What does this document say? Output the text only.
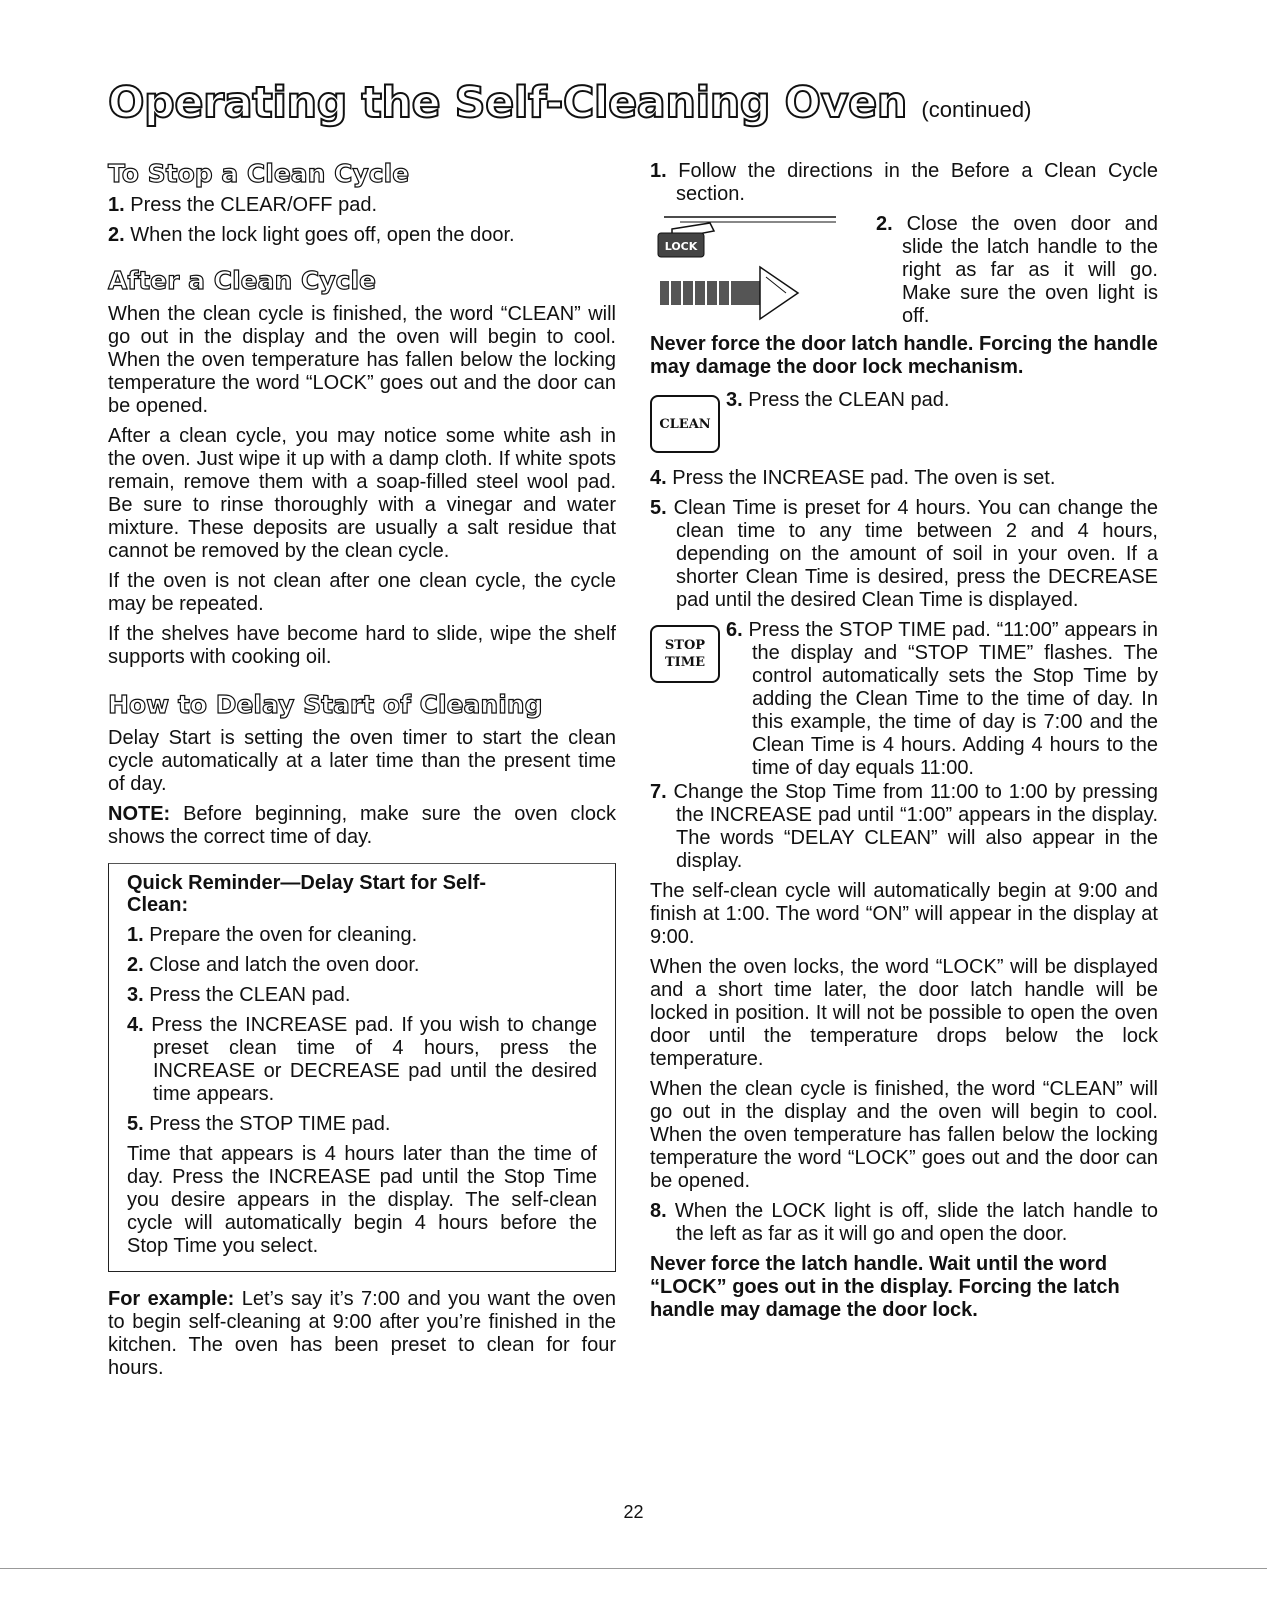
Operating the Self-Cleaning Oven (continued)
To Stop a Clean Cycle

1. Press the CLEAR/OFF pad.

2. When the lock light goes off, open the door.

After a Clean Cycle

When the clean cycle is finished, the word “CLEAN” will go out in the display and the oven will begin to cool. When the oven temperature has fallen below the locking temperature the word “LOCK” goes out and the door can be opened.

After a clean cycle, you may notice some white ash in the oven. Just wipe it up with a damp cloth. If white spots remain, remove them with a soap-filled steel wool pad. Be sure to rinse thoroughly with a vinegar and water mixture. These deposits are usually a salt residue that cannot be removed by the clean cycle.

If the oven is not clean after one clean cycle, the cycle may be repeated.

If the shelves have become hard to slide, wipe the shelf supports with cooking oil.

How to Delay Start of Cleaning

Delay Start is setting the oven timer to start the clean cycle automatically at a later time than the present time of day.

NOTE: Before beginning, make sure the oven clock shows the correct time of day.

Quick Reminder—Delay Start for Self-Clean:

1. Prepare the oven for cleaning.

2. Close and latch the oven door.

3. Press the CLEAN pad.

4. Press the INCREASE pad. If you wish to change preset clean time of 4 hours, press the INCREASE or DECREASE pad until the desired time appears.

5. Press the STOP TIME pad.

Time that appears is 4 hours later than the time of day. Press the INCREASE pad until the Stop Time you desire appears in the display. The self-clean cycle will automatically begin 4 hours before the Stop Time you select.

For example: Let’s say it’s 7:00 and you want the oven to begin self-cleaning at 9:00 after you’re finished in the kitchen. The oven has been preset to clean for four hours.

1. Follow the directions in the Before a Clean Cycle section.

LOCK

2. Close the oven door and slide the latch handle to the right as far as it will go. Make sure the oven light is off.

Never force the door latch handle. Forcing the handle may damage the door lock mechanism.

CLEAN

3. Press the CLEAN pad.

4. Press the INCREASE pad. The oven is set.

5. Clean Time is preset for 4 hours. You can change the clean time to any time between 2 and 4 hours, depending on the amount of soil in your oven. If a shorter Clean Time is desired, press the DECREASE pad until the desired Clean Time is displayed.

STOP
TIME

6. Press the STOP TIME pad. “11:00” appears in the display and “STOP TIME” flashes. The control automatically sets the Stop Time by adding the Clean Time to the time of day. In this example, the time of day is 7:00 and the Clean Time is 4 hours. Adding 4 hours to the time of day equals 11:00.

7. Change the Stop Time from 11:00 to 1:00 by pressing the INCREASE pad until “1:00” appears in the display. The words “DELAY CLEAN” will also appear in the display.

The self-clean cycle will automatically begin at 9:00 and finish at 1:00. The word “ON” will appear in the display at 9:00.

When the oven locks, the word “LOCK” will be displayed and a short time later, the door latch handle will be locked in position. It will not be possible to open the oven door until the temperature drops below the lock temperature.

When the clean cycle is finished, the word “CLEAN” will go out in the display and the oven will begin to cool. When the oven temperature has fallen below the locking temperature the word “LOCK” goes out and the door can be opened.

8. When the LOCK light is off, slide the latch handle to the left as far as it will go and open the door.

Never force the latch handle. Wait until the word “LOCK” goes out in the display. Forcing the latch handle may damage the door lock.

22
